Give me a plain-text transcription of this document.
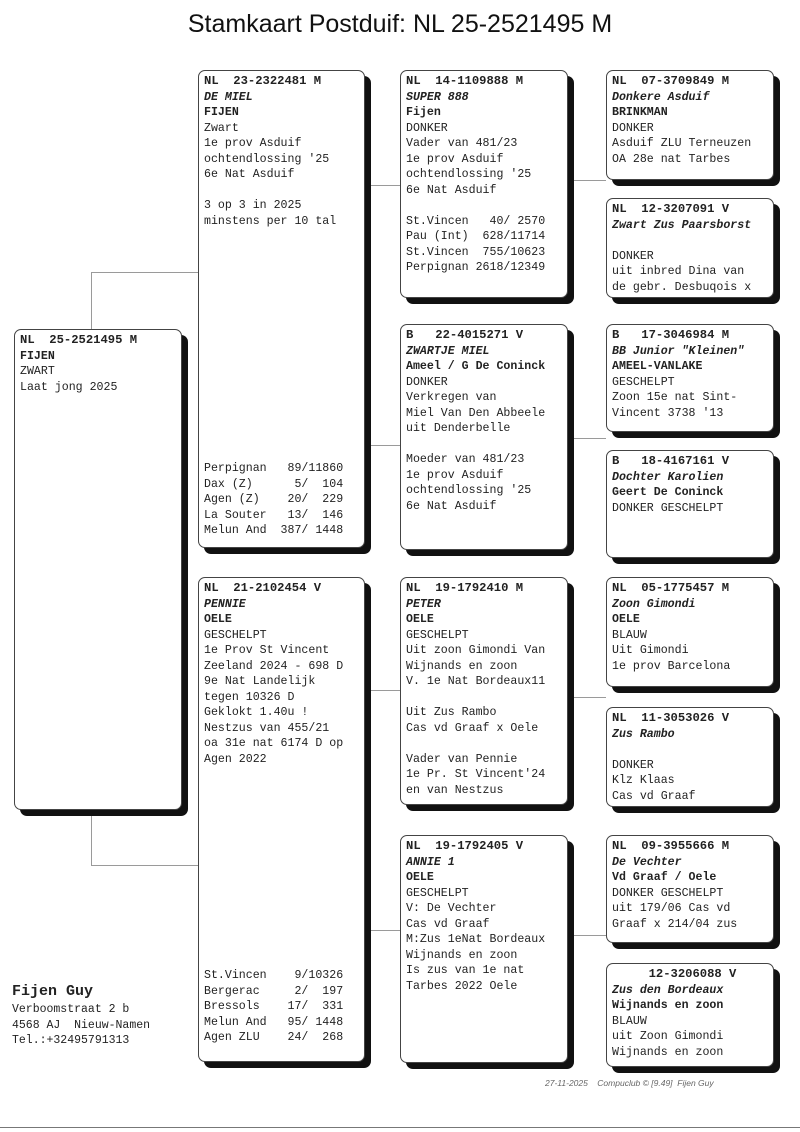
Stamkaart Postduif: NL 25-2521495 M
NL  25-2521495 M
FIJEN
ZWART
Laat jong 2025
NL  23-2322481 M
DE MIEL
FIJEN
Zwart
1e prov Asduif
ochtendlossing '25
6e Nat Asduif
3 op 3 in 2025
minstens per 10 tal
Perpignan   89/11860
Dax (Z)      5/  104
Agen (Z)    20/  229
La Souter   13/  146
Melun And  387/ 1448
NL  21-2102454 V
PENNIE
OELE
GESCHELPT
1e Prov St Vincent
Zeeland 2024 - 698 D
9e Nat Landelijk
tegen 10326 D
Geklokt 1.40u !
Nestzus van 455/21
oa 31e nat 6174 D op
Agen 2022
St.Vincen    9/10326
Bergerac     2/  197
Bressols    17/  331
Melun And   95/ 1448
Agen ZLU    24/  268
NL  14-1109888 M
SUPER 888
Fijen
DONKER
Vader van 481/23
1e prov Asduif
ochtendlossing '25
6e Nat Asduif
St.Vincen   40/ 2570
Pau (Int)  628/11714
St.Vincen  755/10623
Perpignan 2618/12349
B   22-4015271 V
ZWARTJE MIEL
Ameel / G De Coninck
DONKER
Verkregen van
Miel Van Den Abbeele
uit Denderbelle
Moeder van 481/23
1e prov Asduif
ochtendlossing '25
6e Nat Asduif
NL  19-1792410 M
PETER
OELE
GESCHELPT
Uit zoon Gimondi Van
Wijnands en zoon
V. 1e Nat Bordeaux11
Uit Zus Rambo
Cas vd Graaf x Oele
Vader van Pennie
1e Pr. St Vincent'24
en van Nestzus
NL  19-1792405 V
ANNIE 1
OELE
GESCHELPT
V: De Vechter
Cas vd Graaf
M:Zus 1eNat Bordeaux
Wijnands en zoon
Is zus van 1e nat
Tarbes 2022 Oele
NL  07-3709849 M
Donkere Asduif
BRINKMAN
DONKER
Asduif ZLU Terneuzen
OA 28e nat Tarbes
NL  12-3207091 V
Zwart Zus Paarsborst
DONKER
uit inbred Dina van
de gebr. Desbuqois x
B   17-3046984 M
BB Junior "Kleinen"
AMEEL-VANLAKE
GESCHELPT
Zoon 15e nat Sint-
Vincent 3738 '13
B   18-4167161 V
Dochter Karolien
Geert De Coninck
DONKER GESCHELPT
NL  05-1775457 M
Zoon Gimondi
OELE
BLAUW
Uit Gimondi
1e prov Barcelona
NL  11-3053026 V
Zus Rambo
DONKER
Klz Klaas
Cas vd Graaf
NL  09-3955666 M
De Vechter
Vd Graaf / Oele
DONKER GESCHELPT
uit 179/06 Cas vd
Graaf x 214/04 zus
12-3206088 V
Zus den Bordeaux
Wijnands en zoon
BLAUW
uit Zoon Gimondi
Wijnands en zoon
Fijen Guy
Verboomstraat 2 b
4568 AJ  Nieuw-Namen
Tel.:+32495791313
27-11-2025    Compuclub © [9.49]  Fijen Guy
